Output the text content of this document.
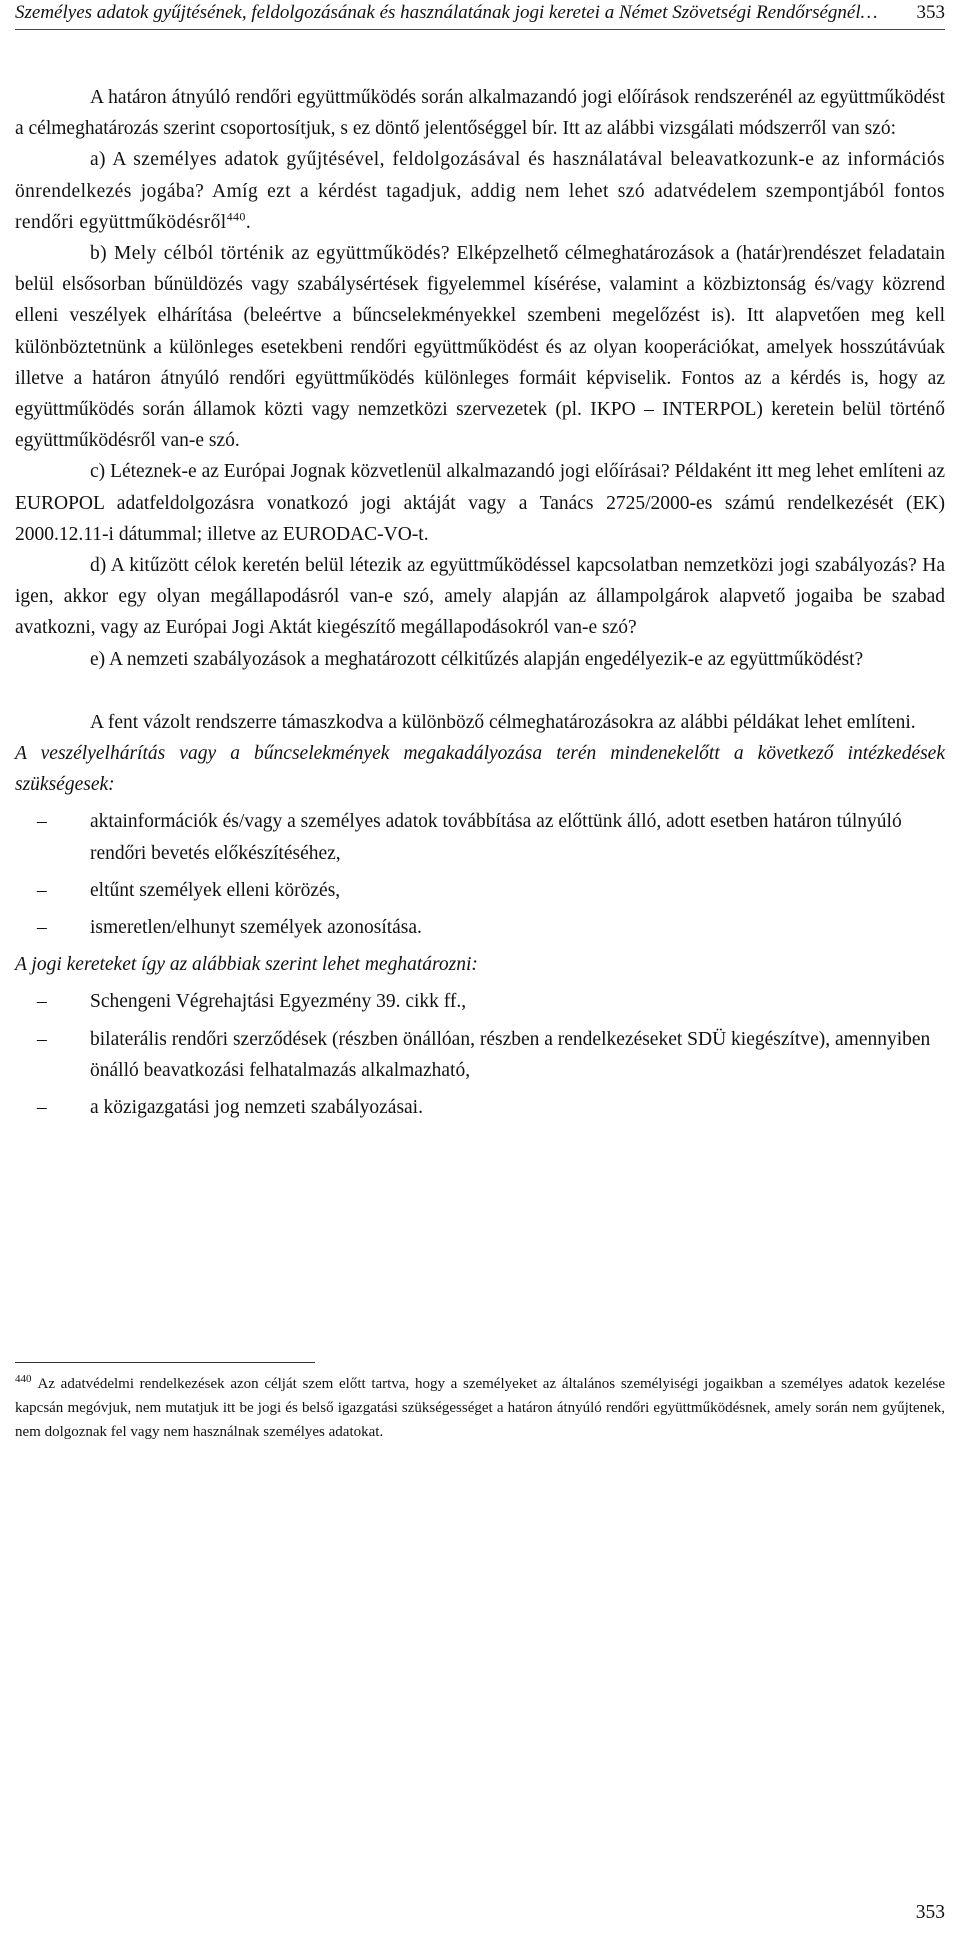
Személyes adatok gyűjtésének, feldolgozásának és használatának jogi keretei a Német Szövetségi Rendőrségnél…	353

A határon átnyúló rendőri együttműködés során alkalmazandó jogi előírások rendszerénél az együttműködést a célmeghatározás szerint csoportosítjuk, s ez döntő jelentőséggel bír. Itt az alábbi vizsgálati módszerről van szó:

a) A személyes adatok gyűjtésével, feldolgozásával és használatával beleavatkozunk-e az információs önrendelkezés jogába? Amíg ezt a kérdést tagadjuk, addig nem lehet szó adatvédelem szempontjából fontos rendőri együttműködésről$^{440}$.

b) Mely célból történik az együttműködés? Elképzelhető célmeghatározások a (határ)rendészet feladatain belül elsősorban bűnüldözés vagy szabálysértések figyelemmel kísérése, valamint a közbiztonság és/vagy közrend elleni veszélyek elhárítása (beleértve a bűncselekményekkel szembeni megelőzést is). Itt alapvetően meg kell különböztetnünk a különleges esetekbeni rendőri együttműködést és az olyan kooperációkat, amelyek hosszútávúak illetve a határon átnyúló rendőri együttműködés különleges formáit képviselik. Fontos az a kérdés is, hogy az együttműködés során államok közti vagy nemzetközi szervezetek (pl. IKPO – INTERPOL) keretein belül történő együttműködésről van-e szó.

c) Léteznek-e az Európai Jognak közvetlenül alkalmazandó jogi előírásai? Példaként itt meg lehet említeni az EUROPOL adatfeldolgozásra vonatkozó jogi aktáját vagy a Tanács 2725/2000-es számú rendelkezését (EK) 2000.12.11-i dátummal; illetve az EURODAC-VO-t.

d) A kitűzött célok keretén belül létezik az együttműködéssel kapcsolatban nemzetközi jogi szabályozás? Ha igen, akkor egy olyan megállapodásról van-e szó, amely alapján az állampolgárok alapvető jogaiba be szabad avatkozni, vagy az Európai Jogi Aktát kiegészítő megállapodásokról van-e szó?

e) A nemzeti szabályozások a meghatározott célkitűzés alapján engedélyezik-e az együttműködést?

A fent vázolt rendszerre támaszkodva a különböző célmeghatározásokra az alábbi példákat lehet említeni.

A veszélyelhárítás vagy a bűncselekmények megakadályozása terén mindenekelőtt a következő intézkedések szükségesek:

– aktainformációk és/vagy a személyes adatok továbbítása az előttünk álló, adott esetben határon túlnyúló rendőri bevetés előkészítéséhez,
– eltűnt személyek elleni körözés,
– ismeretlen/elhunyt személyek azonosítása.

A jogi kereteket így az alábbiak szerint lehet meghatározni:

– Schengeni Végrehajtási Egyezmény 39. cikk ff.,
– bilaterális rendőri szerződések (részben önállóan, részben a rendelkezéseket SDÜ kiegészítve), amennyiben önálló beavatkozási felhatalmazás alkalmazható,
– a közigazgatási jog nemzeti szabályozásai.
$^{440}$ Az adatvédelmi rendelkezések azon célját szem előtt tartva, hogy a személyeket az általános személyiségi jogaikban a személyes adatok kezelése kapcsán megóvjuk, nem mutatjuk itt be jogi és belső igazgatási szükségességet a határon átnyúló rendőri együttműködésnek, amely során nem gyűjtenek, nem dolgoznak fel vagy nem használnak személyes adatokat.
353
